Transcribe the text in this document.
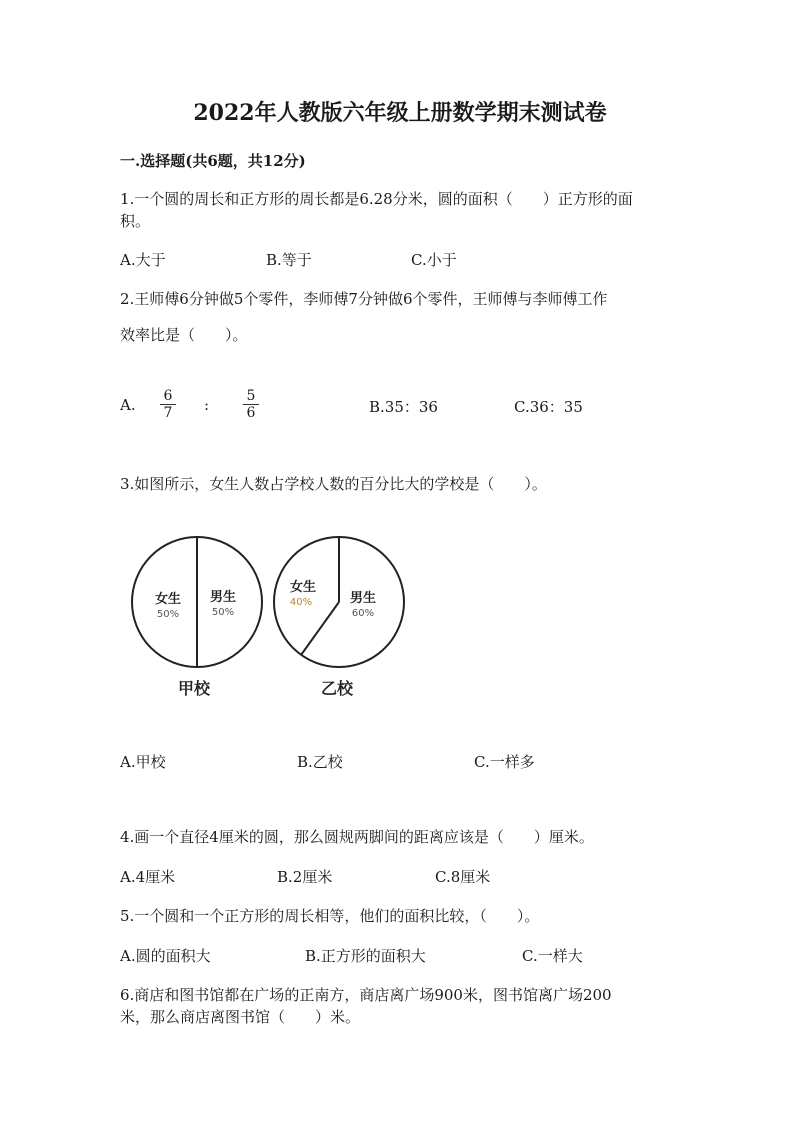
2022年人教版六年级上册数学期末测试卷
一.选择题(共6题，共12分)
1.一个圆的周长和正方形的周长都是6.28分米，圆的面积（　　）正方形的面
积。
A.大于	B.等于	C.小于
2.王师傅6分钟做5个零件，李师傅7分钟做6个零件，王师傅与李师傅工作
效率比是（　　）。
A. $\frac{6}{7}$ : $\frac{5}{6}$	B.35：36	C.36：35
3.如图所示，女生人数占学校人数的百分比大的学校是（　　）。
女生
50%
男生
50%
甲校
女生
40%	男生
60%
乙校
A.甲校	B.乙校	C.一样多
4.画一个直径4厘米的圆，那么圆规两脚间的距离应该是（　　）厘米。
A.4厘米	B.2厘米	C.8厘米
5.一个圆和一个正方形的周长相等，他们的面积比较，（　　）。
A.圆的面积大	B.正方形的面积大	C.一样大
6.商店和图书馆都在广场的正南方，商店离广场900米，图书馆离广场200
米，那么商店离图书馆（　　）米。
